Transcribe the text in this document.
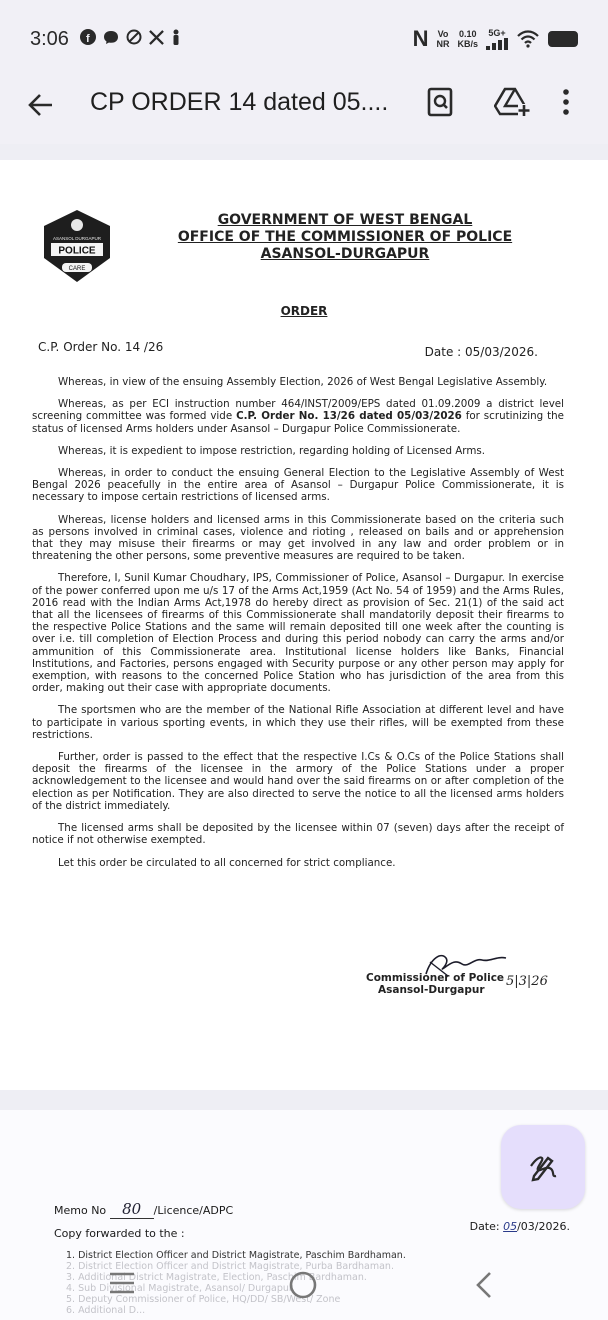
3:06 f	N Vo
NR
0.10
KB/s
5G+
CP ORDER 14 dated 05....
ASANSOL DURGAPUR
POLICE
CARE
GOVERNMENT OF WEST BENGAL
OFFICE OF THE COMMISSIONER OF POLICE
ASANSOL-DURGAPUR
ORDER
C.P. Order No. 14 /26	Date : 05/03/2026.

Whereas, in view of the ensuing Assembly Election, 2026 of West Bengal Legislative Assembly.

Whereas, as per ECI instruction number 464/INST/2009/EPS dated 01.09.2009 a district level screening committee was formed vide C.P. Order No. 13/26 dated 05/03/2026 for scrutinizing the status of licensed Arms holders under Asansol – Durgapur Police Commissionerate.

Whereas, it is expedient to impose restriction, regarding holding of Licensed Arms.

Whereas, in order to conduct the ensuing General Election to the Legislative Assembly of West Bengal 2026 peacefully in the entire area of Asansol – Durgapur Police Commissionerate, it is necessary to impose certain restrictions of licensed arms.

Whereas, license holders and licensed arms in this Commissionerate based on the criteria such as persons involved in criminal cases, violence and rioting , released on bails and or apprehension that they may misuse their firearms or may get involved in any law and order problem or in threatening the other persons, some preventive measures are required to be taken.

Therefore, I, Sunil Kumar Choudhary, IPS, Commissioner of Police, Asansol – Durgapur. In exercise of the power conferred upon me u/s 17 of the Arms Act,1959 (Act No. 54 of 1959) and the Arms Rules, 2016 read with the Indian Arms Act,1978 do hereby direct as provision of Sec. 21(1) of the said act that all the licensees of firearms of this Commissionerate shall mandatorily deposit their firearms to the respective Police Stations and the same will remain deposited till one week after the counting is over i.e. till completion of Election Process and during this period nobody can carry the arms and/or ammunition of this Commissionerate area. Institutional license holders like Banks, Financial Institutions, and Factories, persons engaged with Security purpose or any other person may apply for exemption, with reasons to the concerned Police Station who has jurisdiction of the area from this order, making out their case with appropriate documents.

The sportsmen who are the member of the National Rifle Association at different level and have to participate in various sporting events, in which they use their rifles, will be exempted from these restrictions.

Further, order is passed to the effect that the respective I.Cs & O.Cs of the Police Stations shall deposit the firearms of the licensee in the armory of the Police Stations under a proper acknowledgement to the licensee and would hand over the said firearms on or after completion of the election as per Notification. They are also directed to serve the notice to all the licensed arms holders of the district immediately.

The licensed arms shall be deposited by the licensee within 07 (seven) days after the receipt of notice if not otherwise exempted.

Let this order be circulated to all concerned for strict compliance.

5|3|26
Commissioner of Police
Asansol-Durgapur
Memo No 80 /Licence/ADPC
Copy forwarded to the :
Date: 05/03/2026.
1. District Election Officer and District Magistrate, Paschim Bardhaman.
2. District Election Officer and District Magistrate, Purba Bardhaman.
3. Additional District Magistrate, Election, Paschim Bardhaman.
4. Sub Divisional Magistrate, Asansol/ Durgapur.
5. Deputy Commissioner of Police, HQ/DD/ SB/West/ Zone
6. Additional D...
